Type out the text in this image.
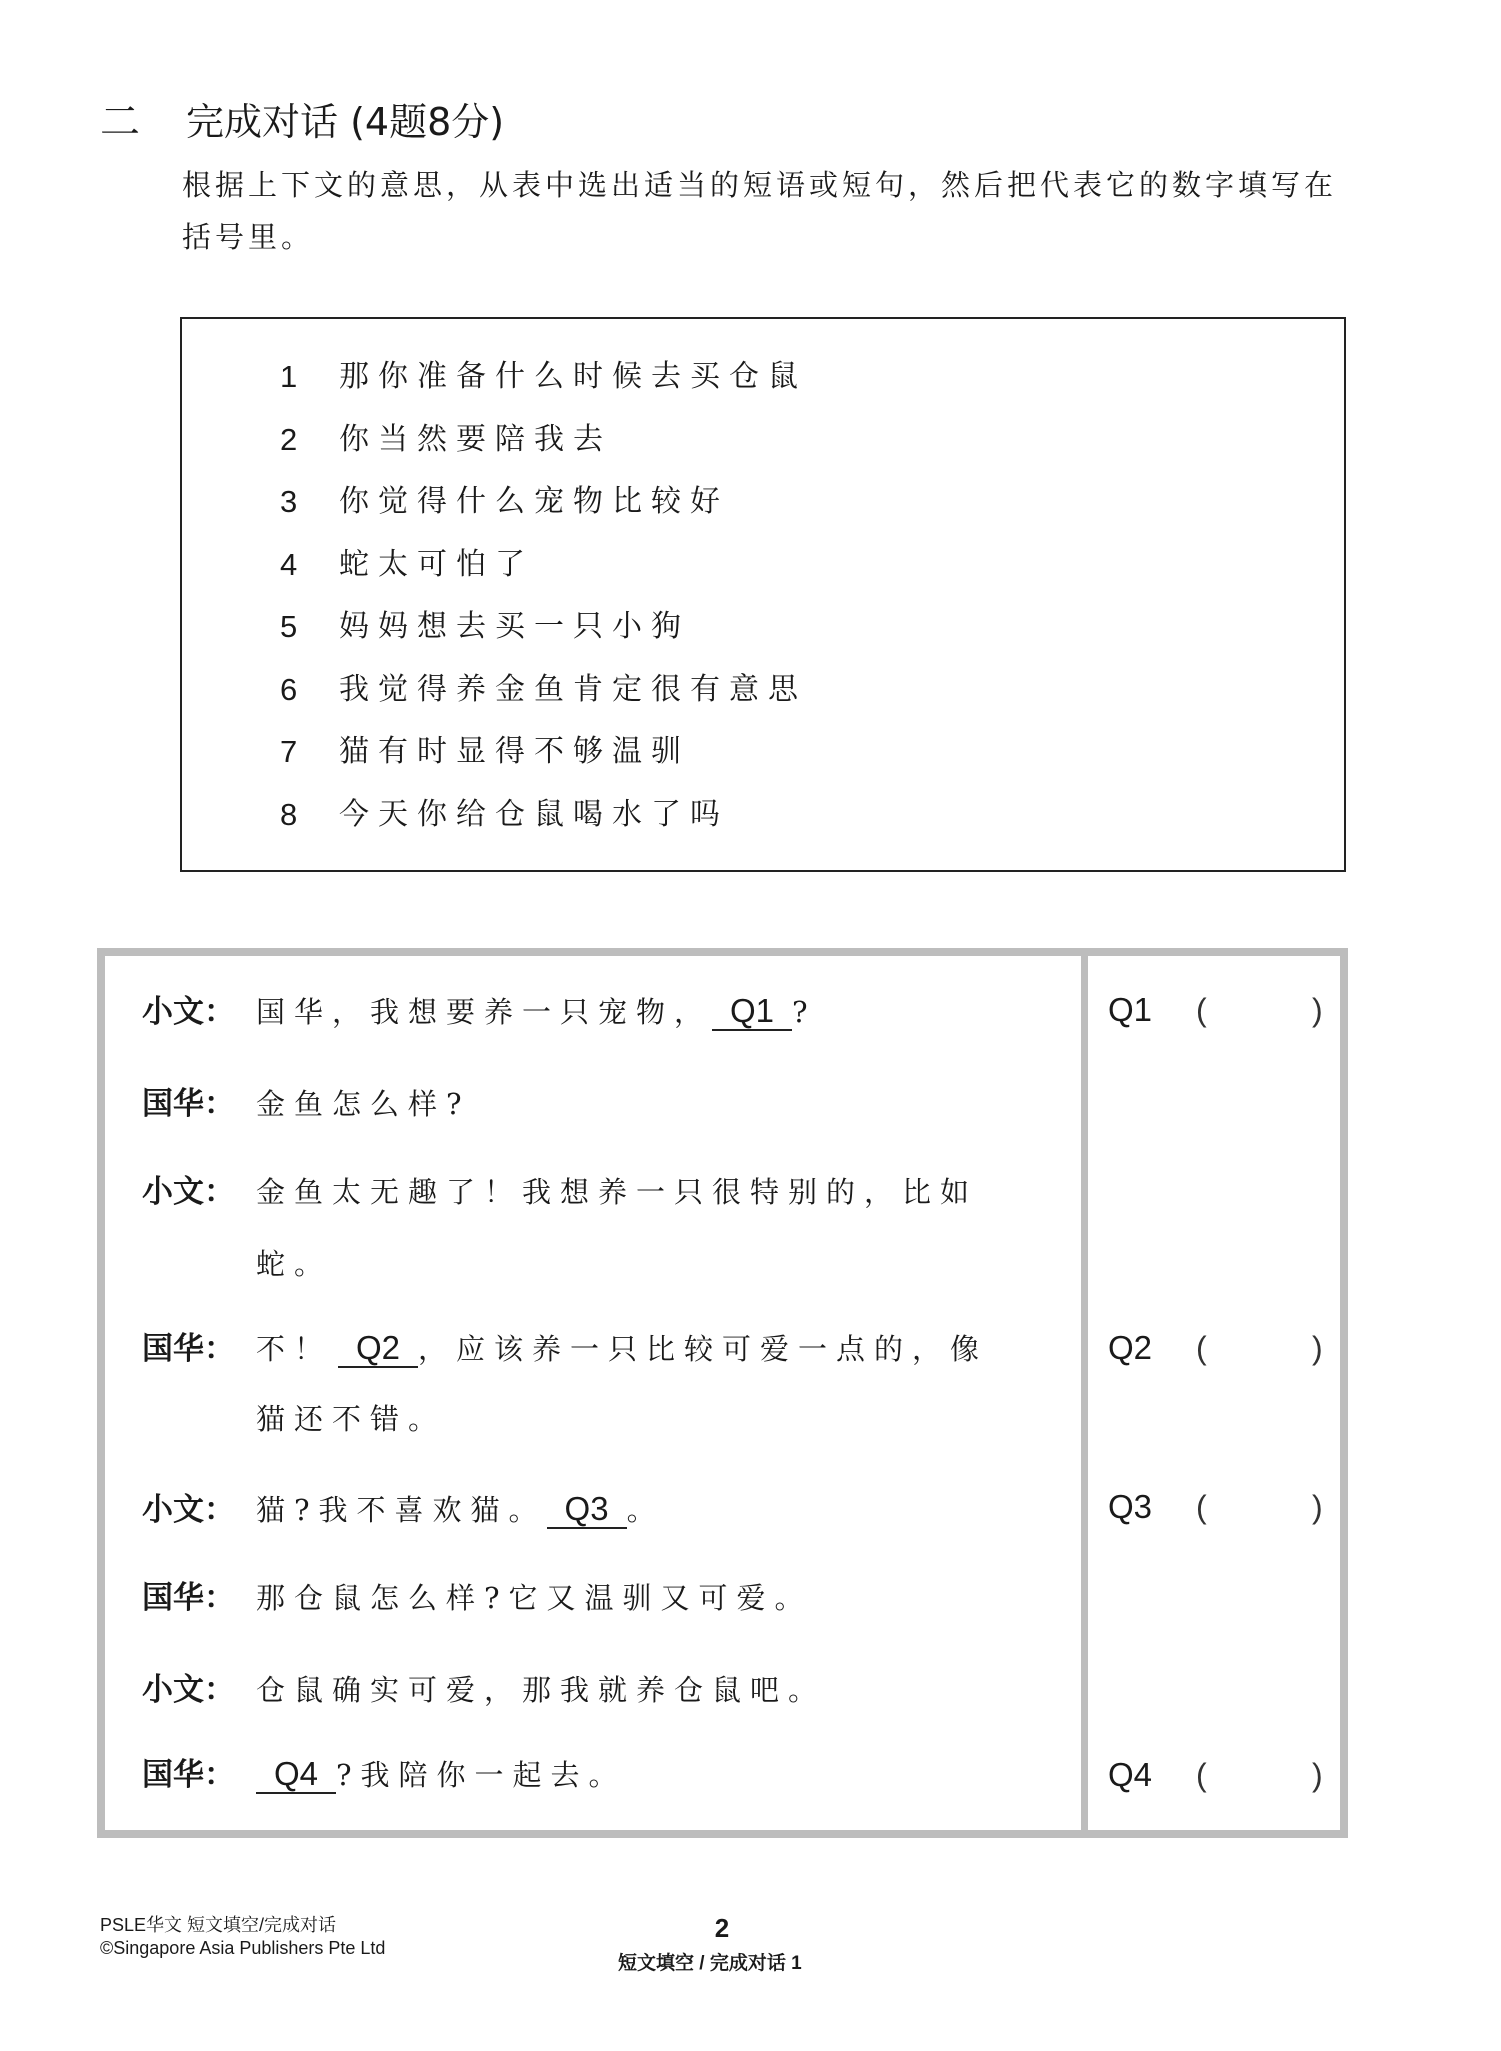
二 完成对话 (4题8分)
根据上下文的意思，从表中选出适当的短语或短句，然后把代表它的数字填写在
括号里。
1 那你准备什么时候去买仓鼠
2 你当然要陪我去
3 你觉得什么宠物比较好
4 蛇太可怕了
5 妈妈想去买一只小狗
6 我觉得养金鱼肯定很有意思
7 猫有时显得不够温驯
8 今天你给仓鼠喝水了吗
小文： 国华，我想要养一只宠物， Q1 ?
国华： 金鱼怎么样?
小文： 金鱼太无趣了！我想养一只很特别的，比如
蛇。
国华： 不！ Q2 ，应该养一只比较可爱一点的，像
猫还不错。
小文： 猫?我不喜欢猫。 Q3 。
国华： 那仓鼠怎么样?它又温驯又可爱。
小文： 仓鼠确实可爱，那我就养仓鼠吧。
国华：	Q4 ?我陪你一起去。
Q1 (	)
Q2 (	)
Q3 (	)
Q4 (	)
PSLE华文 短文填空/完成对话
©Singapore Asia Publishers Pte Ltd
2
短文填空 / 完成对话 1
